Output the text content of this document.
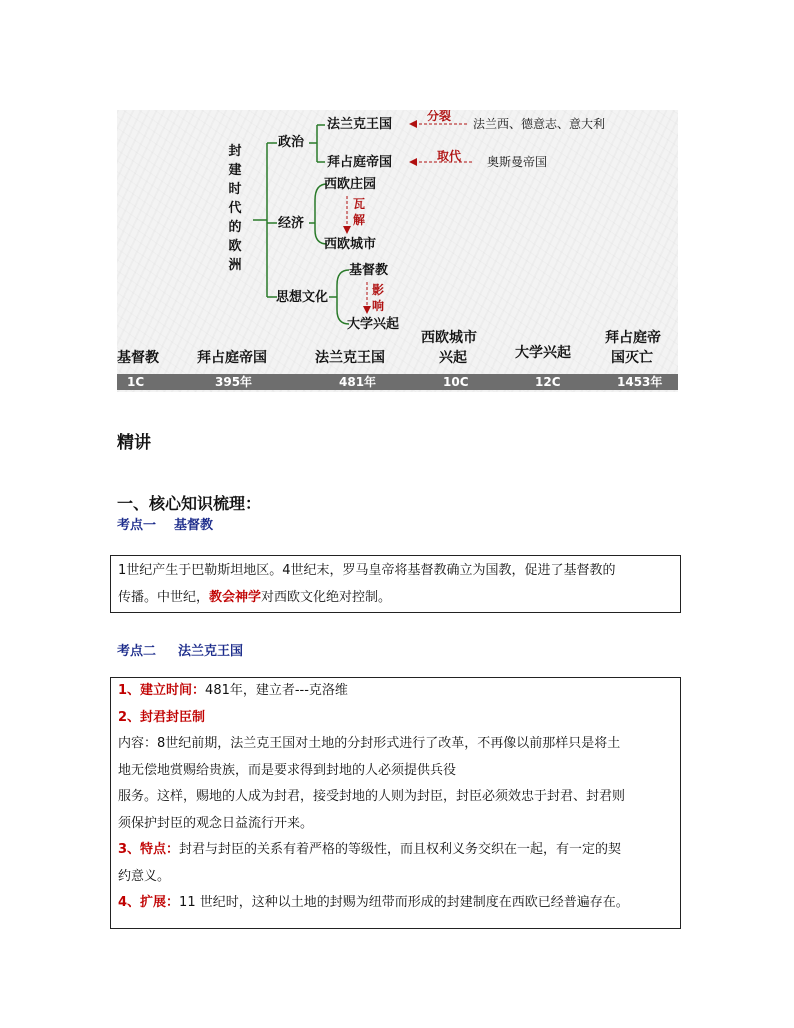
封建时代的欧洲
政治
法兰克王国
分裂
法兰西、德意志、意大利
拜占庭帝国	取代 奥斯曼帝国
经济
西欧庄园
瓦解
西欧城市
思想文化
基督教
影响
大学兴起
基督教	拜占庭帝国	法兰克王国
西欧城市
兴起	大学兴起
拜占庭帝
国灭亡
1C	395年	481年	10C	12C	1453年
精讲
一、核心知识梳理：
考点一 基督教

1世纪产生于巴勒斯坦地区。4世纪末，罗马皇帝将基督教确立为国教，促进了基督教的

传播。中世纪，教会神学对西欧文化绝对控制。

考点二 法兰克王国

1、建立时间：481年，建立者---克洛维

2、封君封臣制

内容：8世纪前期，法兰克王国对土地的分封形式进行了改革，不再像以前那样只是将土

地无偿地赏赐给贵族，而是要求得到封地的人必须提供兵役

服务。这样，赐地的人成为封君，接受封地的人则为封臣，封臣必须效忠于封君、封君则

须保护封臣的观念日益流行开来。

3、特点：封君与封臣的关系有着严格的等级性，而且权利义务交织在一起，有一定的契

约意义。

4、扩展：11 世纪时，这种以土地的封赐为纽带而形成的封建制度在西欧已经普遍存在。
